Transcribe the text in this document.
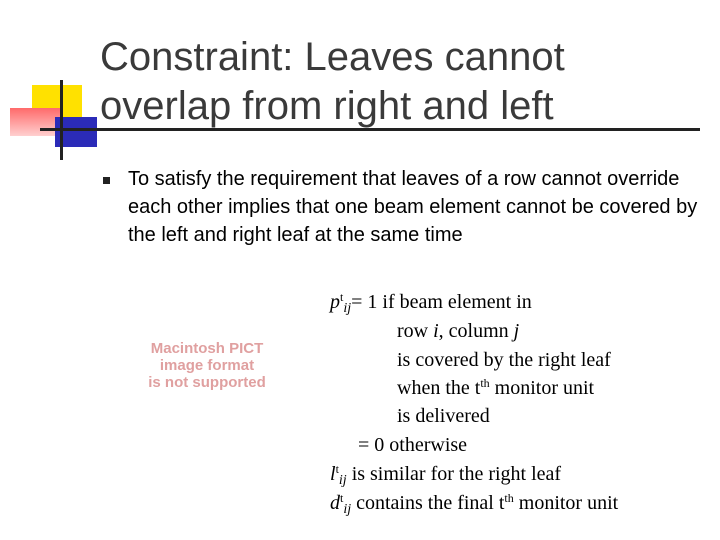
Constraint: Leaves cannot
overlap from right and left
To satisfy the requirement that leaves of a row cannot override each other implies that one beam element cannot be covered by the left and right leaf at the same time
Macintosh PICT
image format
is not supported
$p^t_{ij}= 1$ if beam element in
row i, column j
is covered by the right leaf
when the $t^{th}$ monitor unit
is delivered
= 0 otherwise
$l^t_{ij}$ is similar for the right leaf
$d^t_{ij}$ contains the final $t^{th}$ monitor unit
